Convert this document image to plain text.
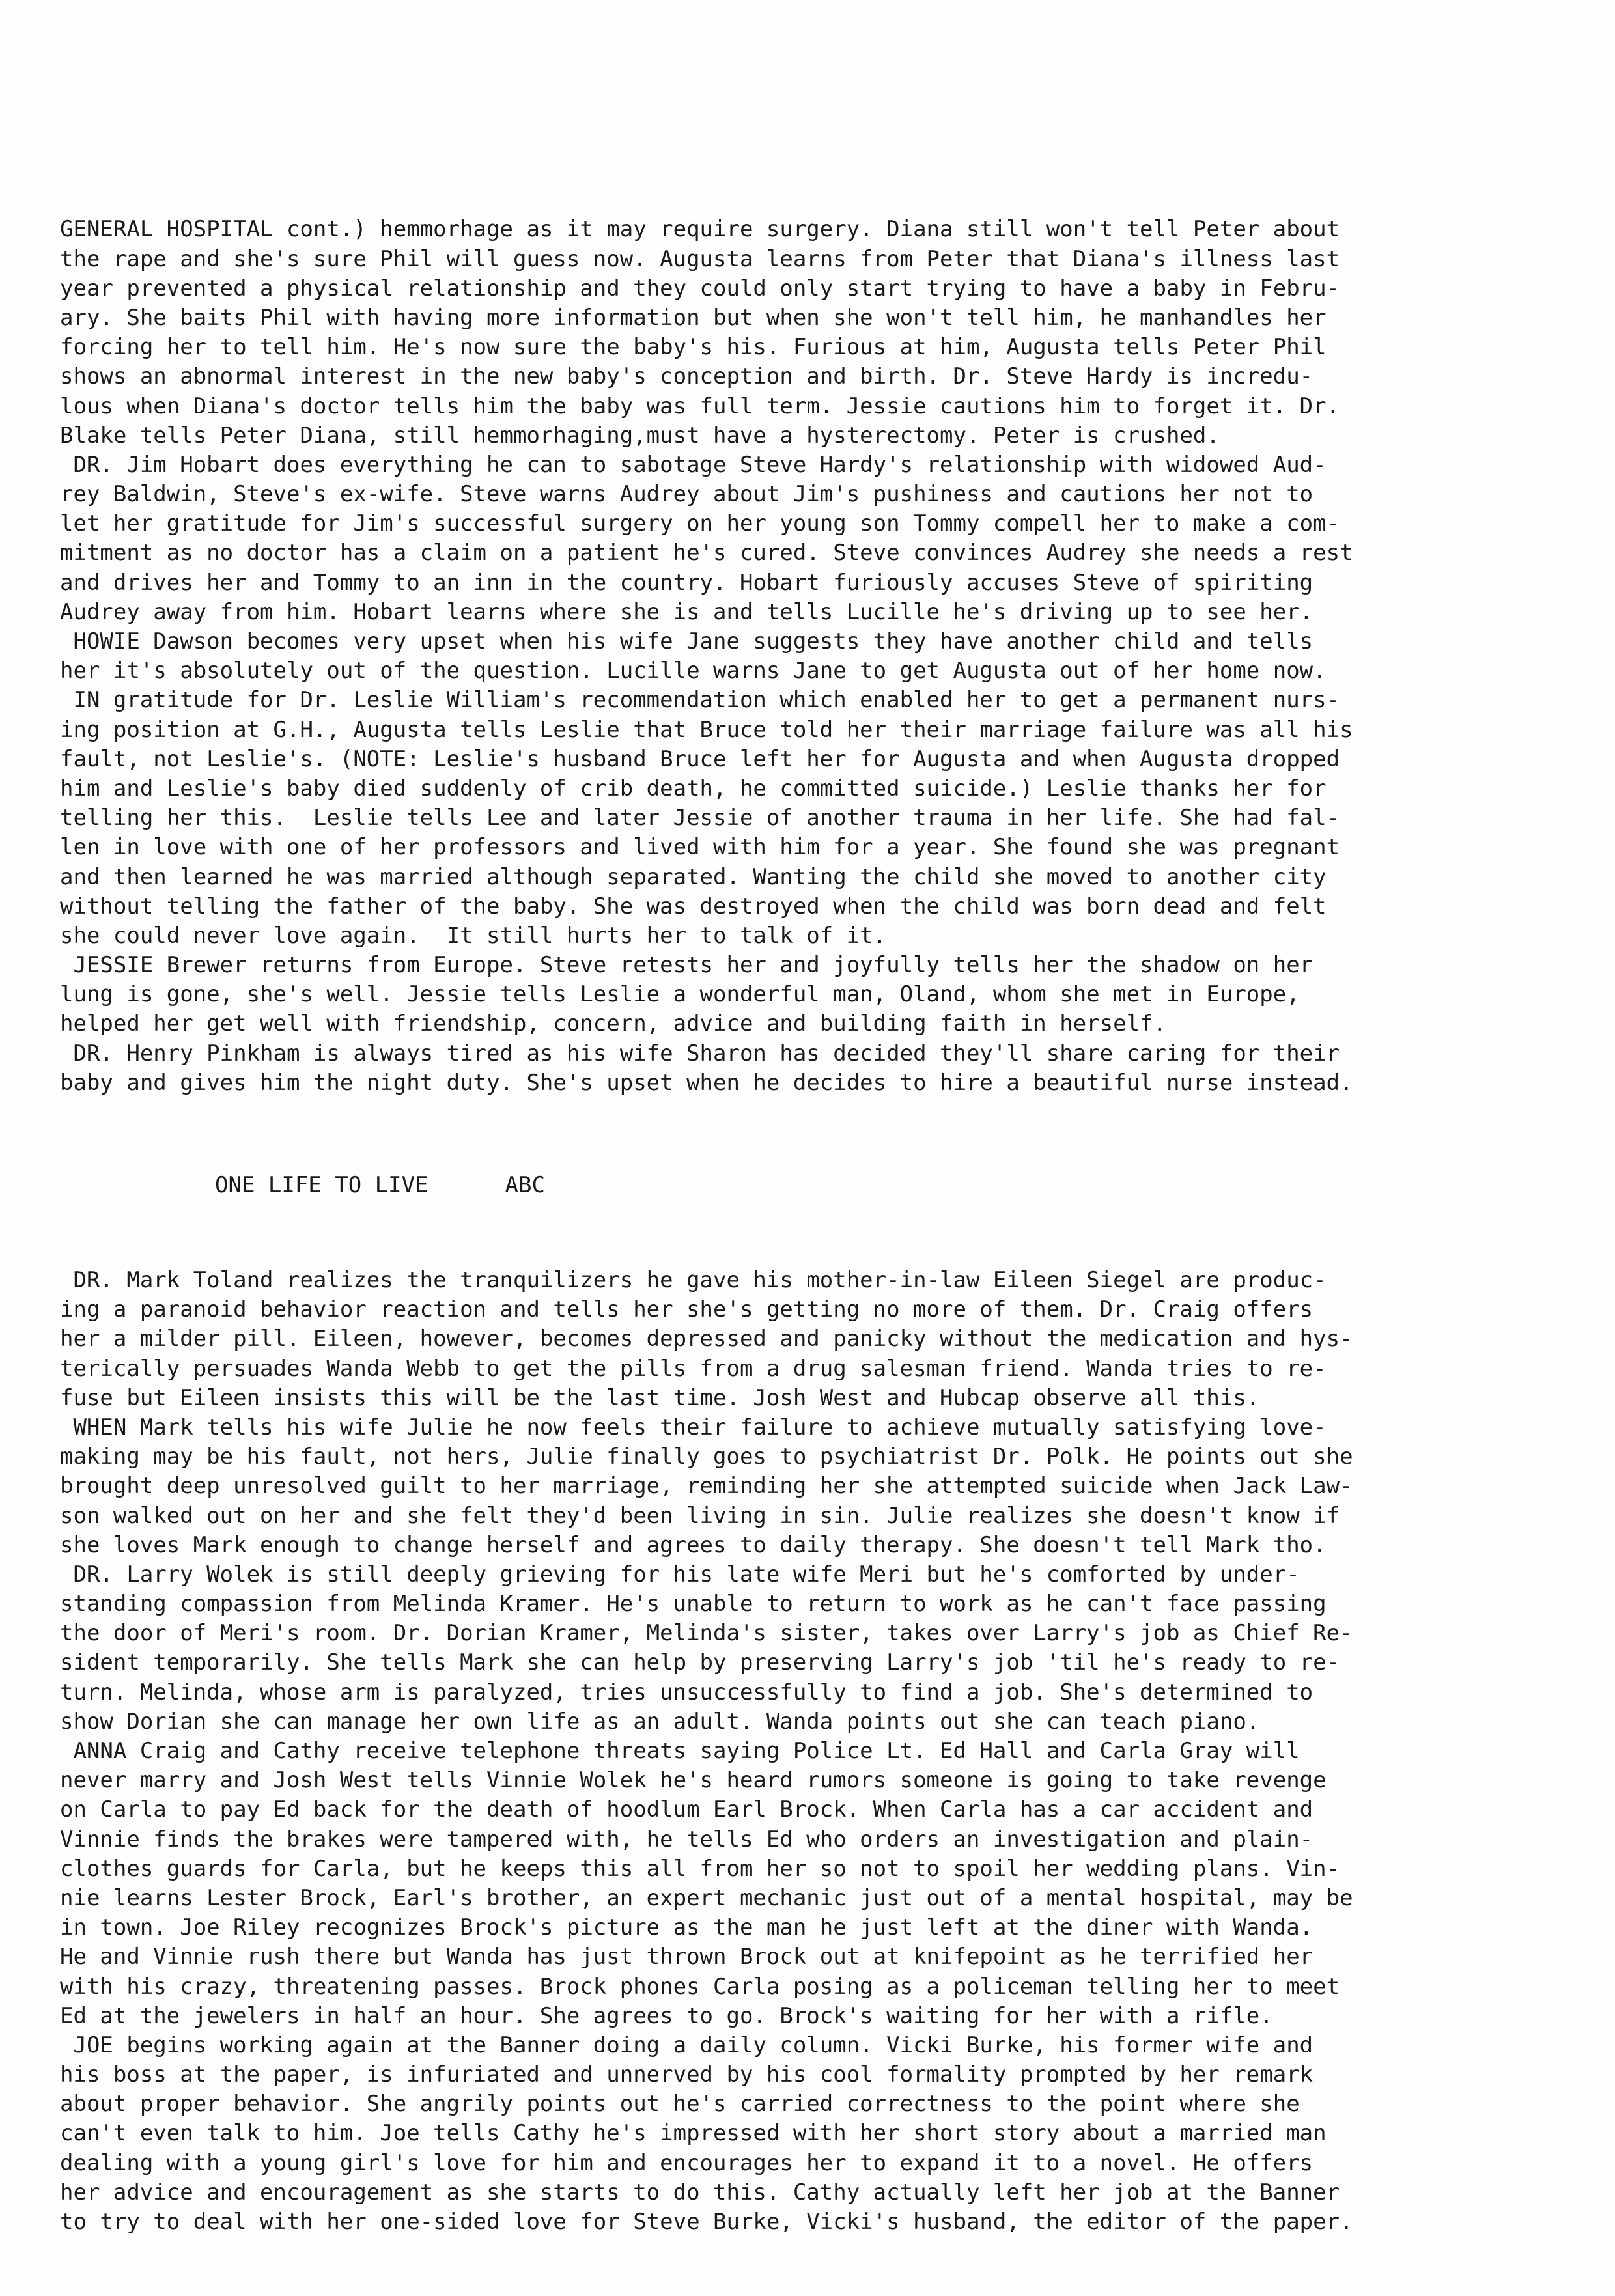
GENERAL HOSPITAL cont.) hemmorhage as it may require surgery. Diana still won't tell Peter about
the rape and she's sure Phil will guess now. Augusta learns from Peter that Diana's illness last
year prevented a physical relationship and they could only start trying to have a baby in Febru-
ary. She baits Phil with having more information but when she won't tell him, he manhandles her
forcing her to tell him. He's now sure the baby's his. Furious at him, Augusta tells Peter Phil
shows an abnormal interest in the new baby's conception and birth. Dr. Steve Hardy is incredu-
lous when Diana's doctor tells him the baby was full term. Jessie cautions him to forget it. Dr.
Blake tells Peter Diana, still hemmorhaging,must have a hysterectomy. Peter is crushed.
DR. Jim Hobart does everything he can to sabotage Steve Hardy's relationship with widowed Aud-
rey Baldwin, Steve's ex-wife. Steve warns Audrey about Jim's pushiness and cautions her not to
let her gratitude for Jim's successful surgery on her young son Tommy compell her to make a com-
mitment as no doctor has a claim on a patient he's cured. Steve convinces Audrey she needs a rest
and drives her and Tommy to an inn in the country. Hobart furiously accuses Steve of spiriting
Audrey away from him. Hobart learns where she is and tells Lucille he's driving up to see her.
HOWIE Dawson becomes very upset when his wife Jane suggests they have another child and tells
her it's absolutely out of the question. Lucille warns Jane to get Augusta out of her home now.
IN gratitude for Dr. Leslie William's recommendation which enabled her to get a permanent nurs-
ing position at G.H., Augusta tells Leslie that Bruce told her their marriage failure was all his
fault, not Leslie's. (NOTE: Leslie's husband Bruce left her for Augusta and when Augusta dropped
him and Leslie's baby died suddenly of crib death, he committed suicide.) Leslie thanks her for
telling her this.  Leslie tells Lee and later Jessie of another trauma in her life. She had fal-
len in love with one of her professors and lived with him for a year. She found she was pregnant
and then learned he was married although separated. Wanting the child she moved to another city
without telling the father of the baby. She was destroyed when the child was born dead and felt
she could never love again.  It still hurts her to talk of it.
JESSIE Brewer returns from Europe. Steve retests her and joyfully tells her the shadow on her
lung is gone, she's well. Jessie tells Leslie a wonderful man, Oland, whom she met in Europe,
helped her get well with friendship, concern, advice and building faith in herself.
DR. Henry Pinkham is always tired as his wife Sharon has decided they'll share caring for their
baby and gives him the night duty. She's upset when he decides to hire a beautiful nurse instead.

ONE LIFE TO LIVE	ABC

DR. Mark Toland realizes the tranquilizers he gave his mother-in-law Eileen Siegel are produc-
ing a paranoid behavior reaction and tells her she's getting no more of them. Dr. Craig offers
her a milder pill. Eileen, however, becomes depressed and panicky without the medication and hys-
terically persuades Wanda Webb to get the pills from a drug salesman friend. Wanda tries to re-
fuse but Eileen insists this will be the last time. Josh West and Hubcap observe all this.
WHEN Mark tells his wife Julie he now feels their failure to achieve mutually satisfying love-
making may be his fault, not hers, Julie finally goes to psychiatrist Dr. Polk. He points out she
brought deep unresolved guilt to her marriage, reminding her she attempted suicide when Jack Law-
son walked out on her and she felt they'd been living in sin. Julie realizes she doesn't know if
she loves Mark enough to change herself and agrees to daily therapy. She doesn't tell Mark tho.
DR. Larry Wolek is still deeply grieving for his late wife Meri but he's comforted by under-
standing compassion from Melinda Kramer. He's unable to return to work as he can't face passing
the door of Meri's room. Dr. Dorian Kramer, Melinda's sister, takes over Larry's job as Chief Re-
sident temporarily. She tells Mark she can help by preserving Larry's job 'til he's ready to re-
turn. Melinda, whose arm is paralyzed, tries unsuccessfully to find a job. She's determined to
show Dorian she can manage her own life as an adult. Wanda points out she can teach piano.
ANNA Craig and Cathy receive telephone threats saying Police Lt. Ed Hall and Carla Gray will
never marry and Josh West tells Vinnie Wolek he's heard rumors someone is going to take revenge
on Carla to pay Ed back for the death of hoodlum Earl Brock. When Carla has a car accident and
Vinnie finds the brakes were tampered with, he tells Ed who orders an investigation and plain-
clothes guards for Carla, but he keeps this all from her so not to spoil her wedding plans. Vin-
nie learns Lester Brock, Earl's brother, an expert mechanic just out of a mental hospital, may be
in town. Joe Riley recognizes Brock's picture as the man he just left at the diner with Wanda.
He and Vinnie rush there but Wanda has just thrown Brock out at knifepoint as he terrified her
with his crazy, threatening passes. Brock phones Carla posing as a policeman telling her to meet
Ed at the jewelers in half an hour. She agrees to go. Brock's waiting for her with a rifle.
JOE begins working again at the Banner doing a daily column. Vicki Burke, his former wife and
his boss at the paper, is infuriated and unnerved by his cool formality prompted by her remark
about proper behavior. She angrily points out he's carried correctness to the point where she
can't even talk to him. Joe tells Cathy he's impressed with her short story about a married man
dealing with a young girl's love for him and encourages her to expand it to a novel. He offers
her advice and encouragement as she starts to do this. Cathy actually left her job at the Banner
to try to deal with her one-sided love for Steve Burke, Vicki's husband, the editor of the paper.
